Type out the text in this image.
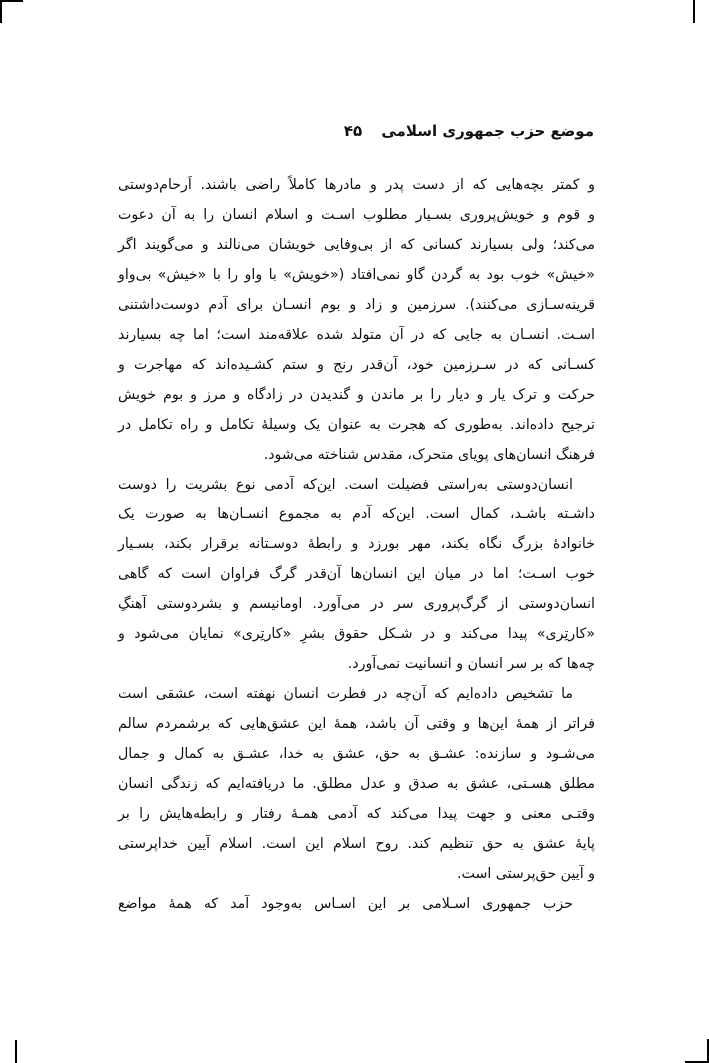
موضع حزب جمهوری اسلامی ۴۵
و کمتر بچه‌هایی که از دست پدر و مادرها کاملاً راضی باشند. اَرحام‌دوستی
و قوم و خویش‌پروری بسـیار مطلوب اسـت و اسلام انسان را به آن دعوت
می‌کند؛ ولی بسیارند کسانی که از بی‌وفایی خویشان می‌نالند و می‌گویند اگر
«خیش» خوب بود به گردن گاو نمی‌افتاد («خویش» با واو را با «خیش» بی‌واو
قرینه‌سـازی می‌کنند). سرزمین و زاد و بوم انسـان برای آدم دوست‌داشتنی
اسـت. انسـان به جایی که در آن متولد شده علاقه‌مند است؛ اما چه بسیارند
کسـانی که در سـرزمین خود، آن‌قدر رنج و ستم کشـیده‌اند که مهاجرت و
حرکت و ترک یار و دیار را بر ماندن و گندیدن در زادگاه و مرز و بوم خویش
ترجیح داده‌اند. به‌طوری که هجرت به عنوان یک وسیلهٔ تکامل و راه تکامل در
فرهنگ انسان‌های پویای متحرک، مقدس شناخته می‌شود.
انسان‌دوستی به‌راستی فضیلت است. این‌که آدمی نوع بشریت را دوست
داشـته باشـد، کمال است. این‌که آدم به مجموع انسـان‌ها به صورت یک
خانوادهٔ بزرگ نگاه بکند، مهر بورزد و رابطهٔ دوسـتانه برقرار بکند، بسـیار
خوب اسـت؛ اما در میان این انسان‌ها آن‌قدر گرگ فراوان است که گاهی
انسان‌دوستی از گرگ‌پروری سر در می‌آورد. اومانیسم و بشردوستی آهنگِ
«کارتِری» پیدا می‌کند و در شـکل حقوق بشرِ «کارتِری» نمایان می‌شود و
چه‌ها که بر سر انسان و انسانیت نمی‌آورد.
ما تشخیص داده‌ایم که آن‌چه در فطرت انسان نهفته است، عشقی است
فراتر از همهٔ این‌ها و وقتی آن باشد، همهٔ این عشق‌هایی که برشمردم سالم
می‌شـود و سازنده: عشـق به حق، عشق به خدا، عشـق به کمال و جمال
مطلق هسـتی، عشق به صدق و عدل مطلق. ما دریافته‌ایم که زندگی انسان
وقتـی معنی و جهت پیدا می‌کند که آدمی همـهٔ رفتار و رابطه‌هایش را بر
پایهٔ عشق به حق تنظیم کند. روح اسلام این است. اسلام آیین خداپرستی
و آیین حق‌پرستی است.
حزب جمهوری اسـلامی بر این اسـاس به‌وجود آمد که همهٔ مواضع
